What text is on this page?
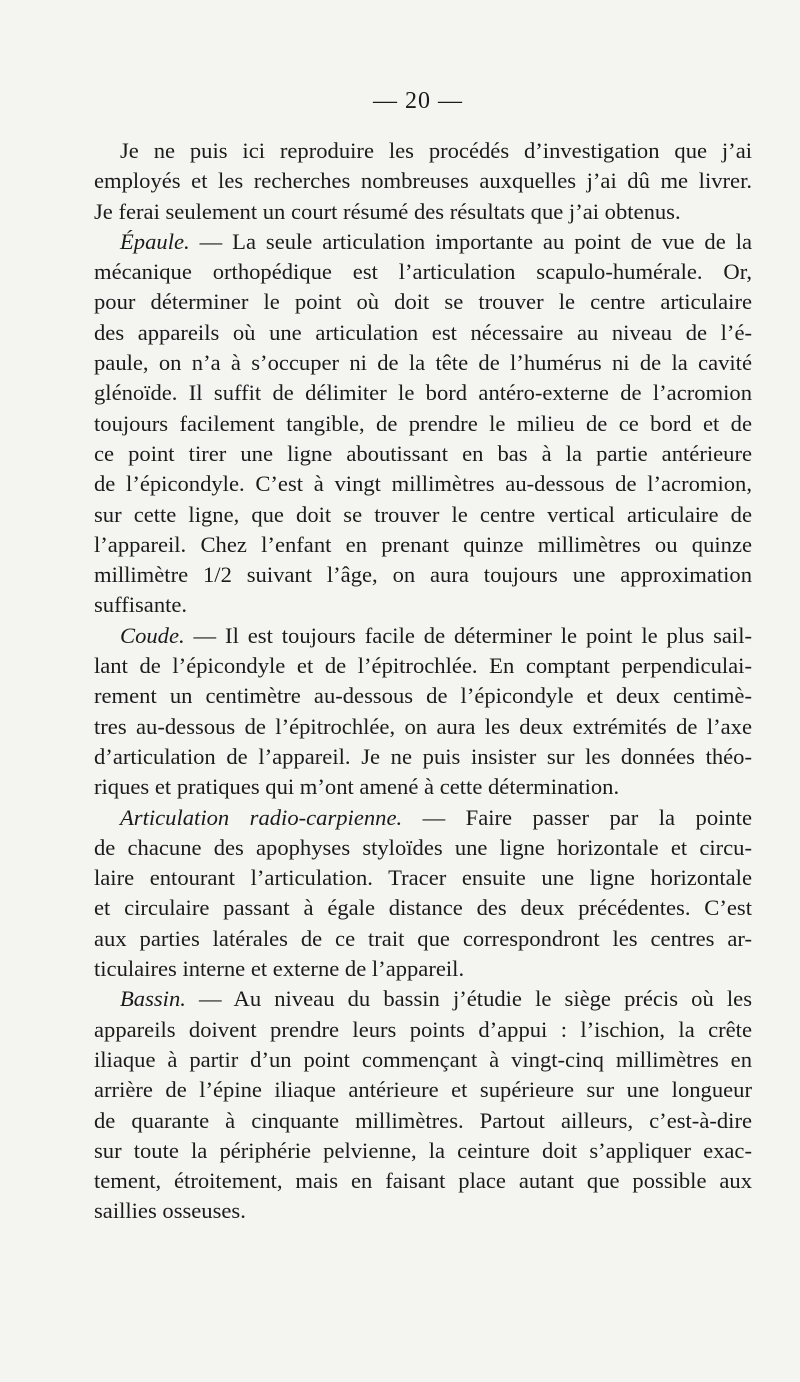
— 20 —
Je ne puis ici reproduire les procédés d’investigation que j’ai
employés et les recherches nombreuses auxquelles j’ai dû me livrer.
Je ferai seulement un court résumé des résultats que j’ai obtenus.
Épaule. — La seule articulation importante au point de vue de la
mécanique orthopédique est l’articulation scapulo-humérale. Or,
pour déterminer le point où doit se trouver le centre articulaire
des appareils où une articulation est nécessaire au niveau de l’é-
paule, on n’a à s’occuper ni de la tête de l’humérus ni de la cavité
glénoïde. Il suffit de délimiter le bord antéro-externe de l’acromion
toujours facilement tangible, de prendre le milieu de ce bord et de
ce point tirer une ligne aboutissant en bas à la partie antérieure
de l’épicondyle. C’est à vingt millimètres au-dessous de l’acromion,
sur cette ligne, que doit se trouver le centre vertical articulaire de
l’appareil. Chez l’enfant en prenant quinze millimètres ou quinze
millimètre 1/2 suivant l’âge, on aura toujours une approximation
suffisante.
Coude. — Il est toujours facile de déterminer le point le plus sail-
lant de l’épicondyle et de l’épitrochlée. En comptant perpendiculai-
rement un centimètre au-dessous de l’épicondyle et deux centimè-
tres au-dessous de l’épitrochlée, on aura les deux extrémités de l’axe
d’articulation de l’appareil. Je ne puis insister sur les données théo-
riques et pratiques qui m’ont amené à cette détermination.
Articulation radio-carpienne. — Faire passer par la pointe
de chacune des apophyses styloïdes une ligne horizontale et circu-
laire entourant l’articulation. Tracer ensuite une ligne horizontale
et circulaire passant à égale distance des deux précédentes. C’est
aux parties latérales de ce trait que correspondront les centres ar-
ticulaires interne et externe de l’appareil.
Bassin. — Au niveau du bassin j’étudie le siège précis où les
appareils doivent prendre leurs points d’appui : l’ischion, la crête
iliaque à partir d’un point commençant à vingt-cinq millimètres en
arrière de l’épine iliaque antérieure et supérieure sur une longueur
de quarante à cinquante millimètres. Partout ailleurs, c’est-à-dire
sur toute la périphérie pelvienne, la ceinture doit s’appliquer exac-
tement, étroitement, mais en faisant place autant que possible aux
saillies osseuses.
